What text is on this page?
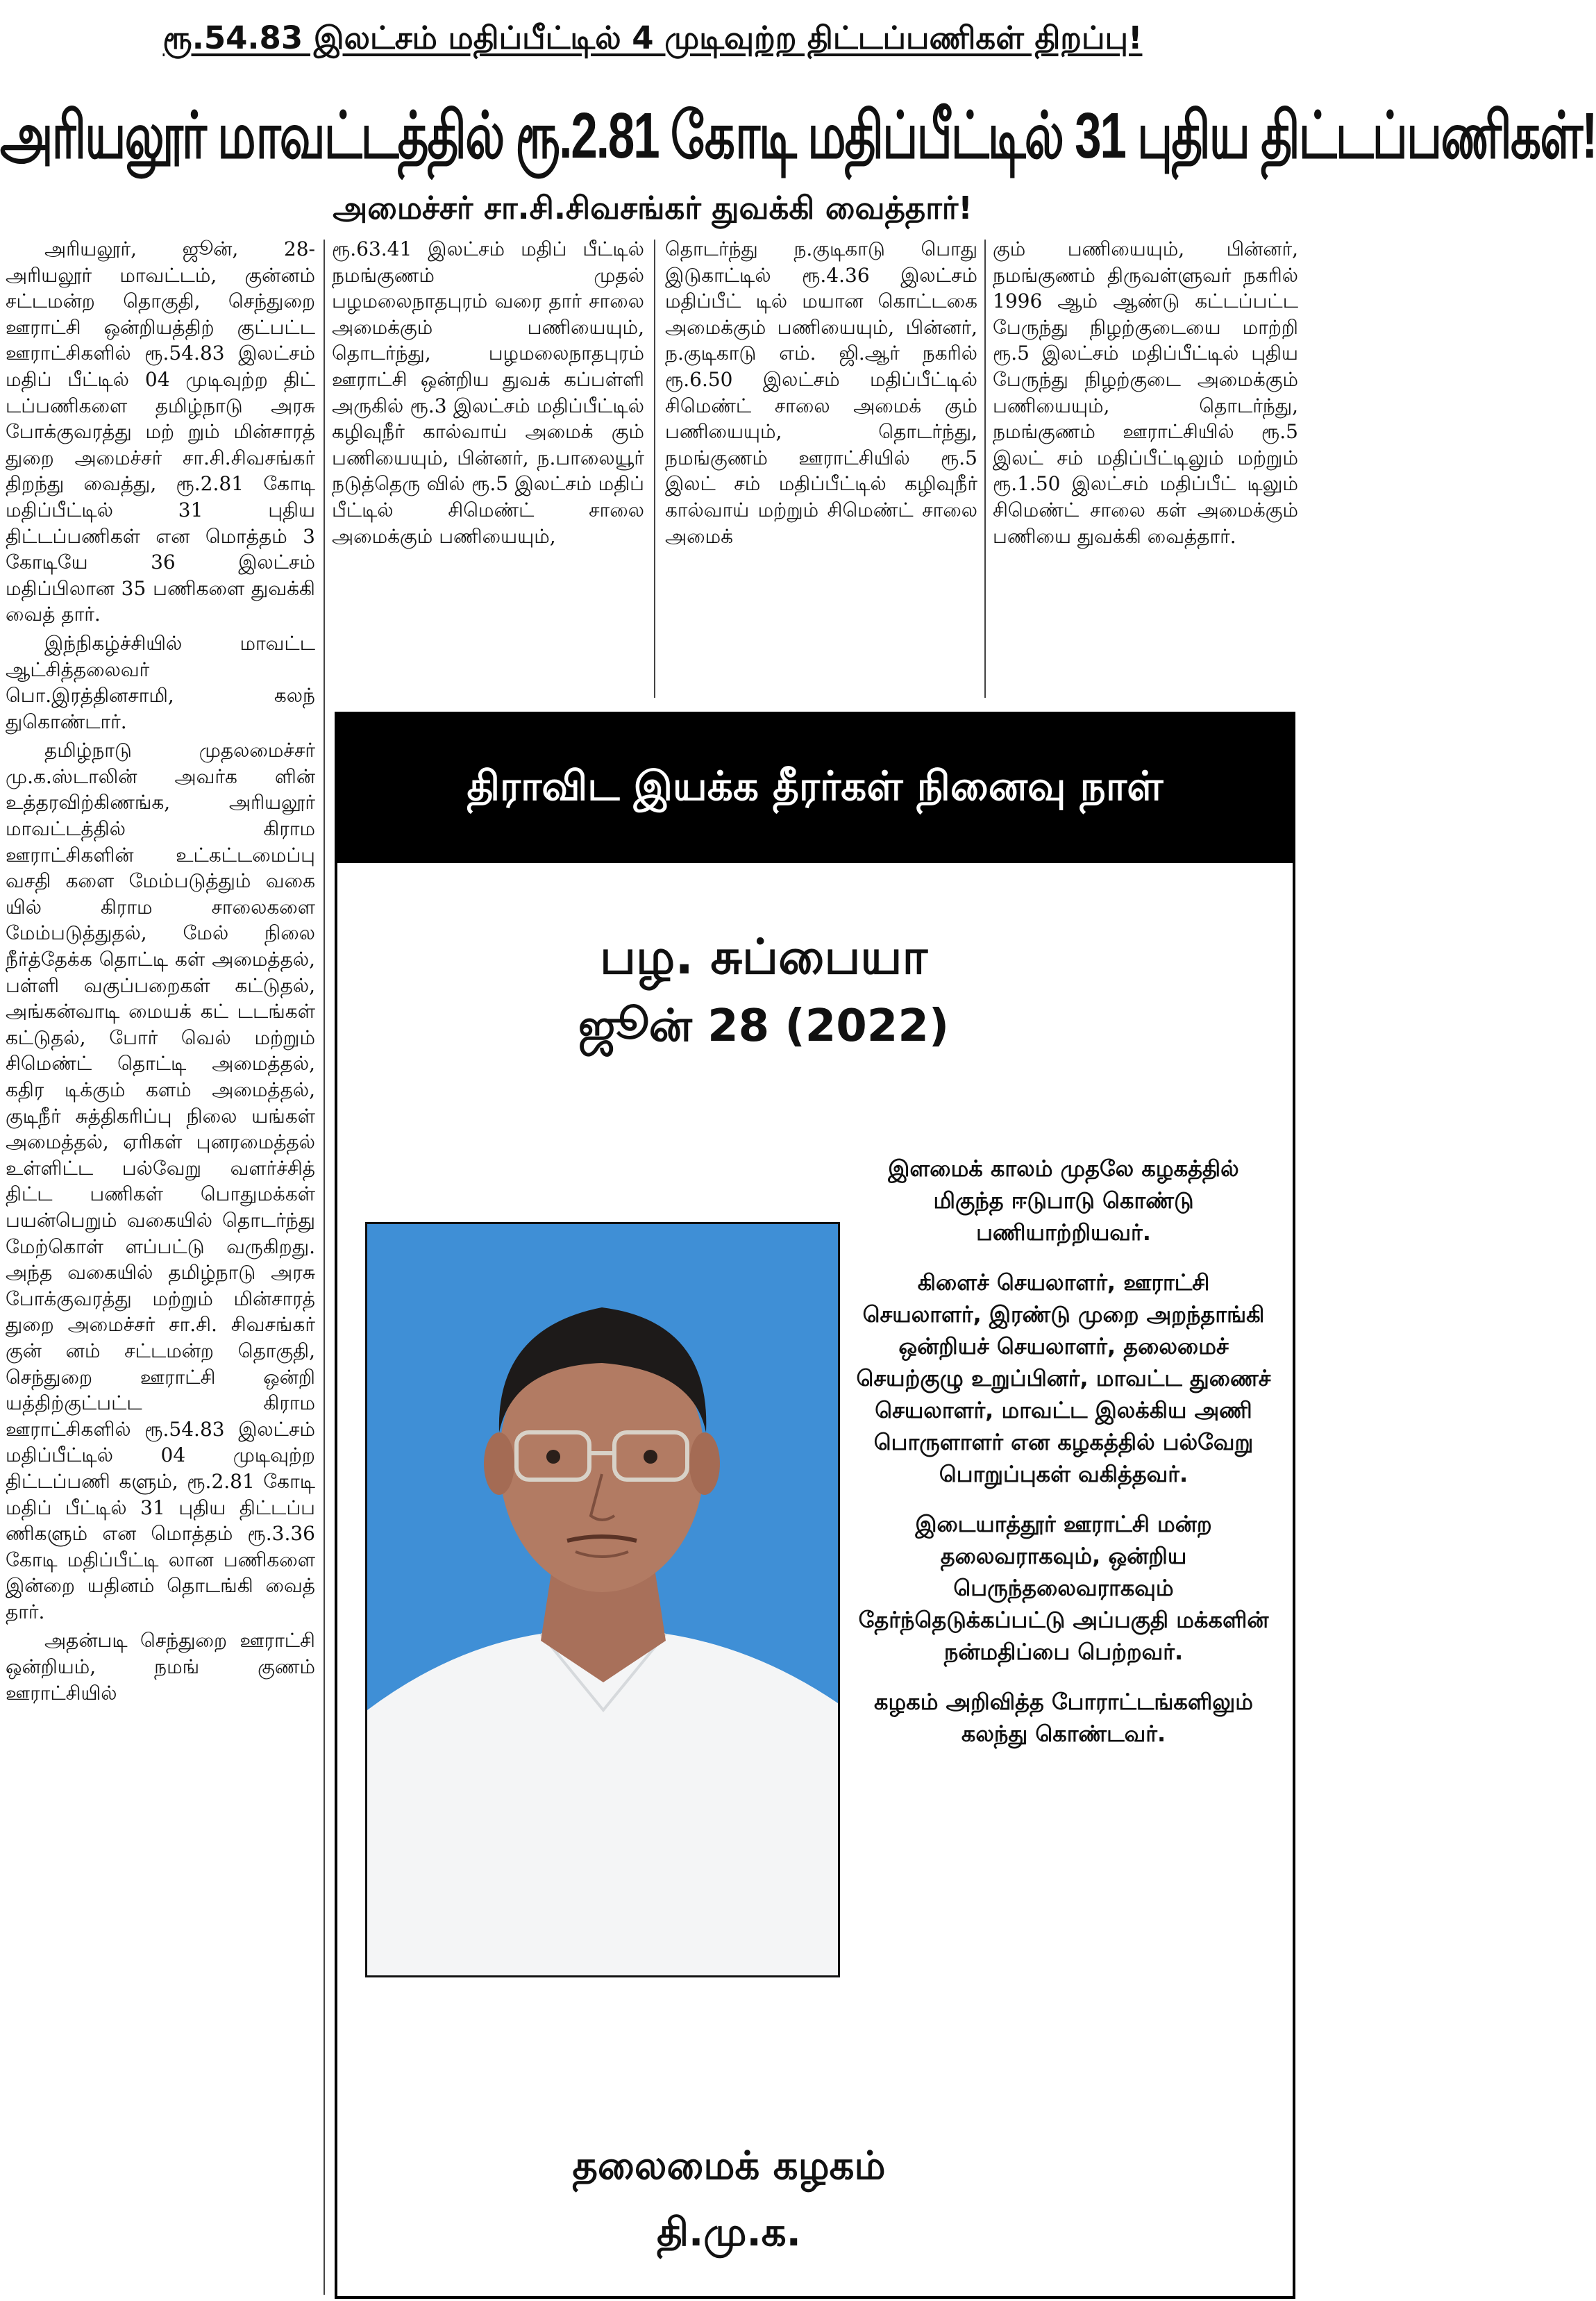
ரூ.54.83 இலட்சம் மதிப்பீட்டில் 4 முடிவுற்ற திட்டப்பணிகள் திறப்பு!
அரியலூர் மாவட்டத்தில் ரூ.2.81 கோடி மதிப்பீட்டில் 31 புதிய திட்டப்பணிகள்!
அமைச்சர் சா.சி.சிவசங்கர் துவக்கி வைத்தார்!

அரியலூர், ஜூன், 28- அரியலூர் மாவட்டம், குன்னம் சட்டமன்ற தொகுதி, செந்துறை ஊராட்சி ஒன்றியத்திற் குட்பட்ட ஊராட்சிகளில் ரூ.54.83 இலட்சம் மதிப் பீட்டில் 04 முடிவுற்ற திட் டப்பணிகளை தமிழ்நாடு அரசு போக்குவரத்து மற் றும் மின்சாரத் துறை அமைச்சர் சா.சி.சிவசங்கர் திறந்து வைத்து, ரூ.2.81 கோடி மதிப்பீட்டில் 31 புதிய திட்டப்பணிகள் என மொத்தம் 3 கோடியே 36 இலட்சம் மதிப்பிலான 35 பணிகளை துவக்கி வைத் தார்.

இந்நிகழ்ச்சியில் மாவட்ட ஆட்சித்தலைவர் பொ.இரத்தினசாமி, கலந் துகொண்டார்.

தமிழ்நாடு முதலமைச்சர் மு.க.ஸ்டாலின் அவர்க ளின் உத்தரவிற்கிணங்க, அரியலூர் மாவட்டத்தில் கிராம ஊராட்சிகளின் உட்கட்டமைப்பு வசதி களை மேம்படுத்தும் வகை யில் கிராம சாலைகளை மேம்படுத்துதல், மேல் நிலை நீர்த்தேக்க தொட்டி கள் அமைத்தல், பள்ளி வகுப்பறைகள் கட்டுதல், அங்கன்வாடி மையக் கட் டடங்கள் கட்டுதல், போர் வெல் மற்றும் சிமெண்ட் தொட்டி அமைத்தல், கதிர டிக்கும் களம் அமைத்தல், குடிநீர் சுத்திகரிப்பு நிலை யங்கள் அமைத்தல், ஏரிகள் புனரமைத்தல் உள்ளிட்ட பல்வேறு வளர்ச்சித் திட்ட பணிகள் பொதுமக்கள் பயன்பெறும் வகையில் தொடர்ந்து மேற்கொள் ளப்பட்டு வருகிறது. அந்த வகையில் தமிழ்நாடு அரசு போக்குவரத்து மற்றும் மின்சாரத் துறை அமைச்சர் சா.சி. சிவசங்கர் குன் னம் சட்டமன்ற தொகுதி, செந்துறை ஊராட்சி ஒன்றி யத்திற்குட்பட்ட கிராம ஊராட்சிகளில் ரூ.54.83 இலட்சம் மதிப்பீட்டில் 04 முடிவுற்ற திட்டப்பணி களும், ரூ.2.81 கோடி மதிப் பீட்டில் 31 புதிய திட்டப்ப ணிகளும் என மொத்தம் ரூ.3.36 கோடி மதிப்பீட்டி லான பணிகளை இன்றை யதினம் தொடங்கி வைத் தார்.

அதன்படி செந்துறை ஊராட்சி ஒன்றியம், நமங் குணம் ஊராட்சியில்

ரூ.63.41 இலட்சம் மதிப் பீட்டில் நமங்குணம் முதல் பழமலைநாதபுரம் வரை தார் சாலை அமைக்கும் பணியையும், தொடர்ந்து, பழமலைநாதபுரம் ஊராட்சி ஒன்றிய துவக் கப்பள்ளி அருகில் ரூ.3 இலட்சம் மதிப்பீட்டில் கழிவுநீர் கால்வாய் அமைக் கும் பணியையும், பின்னர், ந.பாலையூர் நடுத்தெரு வில் ரூ.5 இலட்சம் மதிப் பீட்டில் சிமெண்ட் சாலை அமைக்கும் பணியையும்,

தொடர்ந்து ந.குடிகாடு பொது இடுகாட்டில் ரூ.4.36 இலட்சம் மதிப்பீட் டில் மயான கொட்டகை அமைக்கும் பணியையும், பின்னர், ந.குடிகாடு எம். ஜி.ஆர் நகரில் ரூ.6.50 இலட்சம் மதிப்பீட்டில் சிமெண்ட் சாலை அமைக் கும் பணியையும், தொடர்ந்து, நமங்குணம் ஊராட்சியில் ரூ.5 இலட் சம் மதிப்பீட்டில் கழிவுநீர் கால்வாய் மற்றும் சிமெண்ட் சாலை அமைக்

கும் பணியையும், பின்னர், நமங்குணம் திருவள்ளுவர் நகரில் 1996 ஆம் ஆண்டு கட்டப்பட்ட பேருந்து நிழற்குடையை மாற்றி ரூ.5 இலட்சம் மதிப்பீட்டில் புதிய பேருந்து நிழற்குடை அமைக்கும் பணியையும், தொடர்ந்து, நமங்குணம் ஊராட்சியில் ரூ.5 இலட் சம் மதிப்பீட்டிலும் மற்றும் ரூ.1.50 இலட்சம் மதிப்பீட் டிலும் சிமெண்ட் சாலை கள் அமைக்கும் பணியை துவக்கி வைத்தார்.

திராவிட இயக்க தீரர்கள் நினைவு நாள்
பழ. சுப்பையா
ஜூன் 28 (2022)

இளமைக் காலம் முதலே கழகத்தில் மிகுந்த ஈடுபாடு கொண்டு பணியாற்றியவர்.

கிளைச் செயலாளர், ஊராட்சி செயலாளர், இரண்டு முறை அறந்தாங்கி ஒன்றியச் செயலாளர், தலைமைச் செயற்குழு உறுப்பினர், மாவட்ட துணைச் செயலாளர், மாவட்ட இலக்கிய அணி பொருளாளர் என கழகத்தில் பல்வேறு பொறுப்புகள் வகித்தவர்.

இடையாத்தூர் ஊராட்சி மன்ற தலைவராகவும், ஒன்றிய பெருந்தலைவராகவும் தேர்ந்தெடுக்கப்பட்டு அப்பகுதி மக்களின் நன்மதிப்பை பெற்றவர்.

கழகம் அறிவித்த போராட்டங்களிலும் கலந்து கொண்டவர்.

தலைமைக் கழகம்
தி.மு.க.
